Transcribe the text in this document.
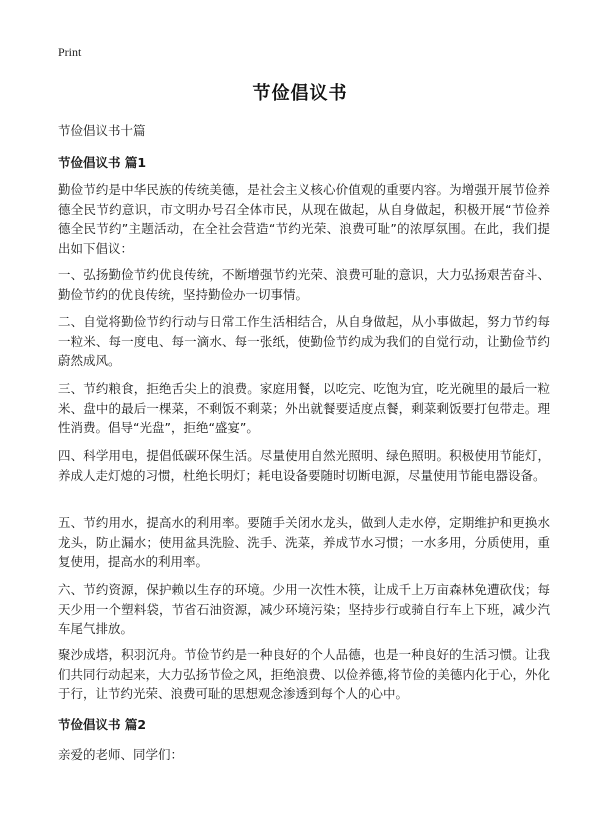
Print
节俭倡议书
节俭倡议书十篇
节俭倡议书 篇1
勤俭节约是中华民族的传统美德，是社会主义核心价值观的重要内容。为增强开展节俭养德全民节约意识，市文明办号召全体市民，从现在做起，从自身做起，积极开展“节俭养德全民节约”主题活动，在全社会营造“节约光荣、浪费可耻”的浓厚氛围。在此，我们提出如下倡议：
一、弘扬勤俭节约优良传统，不断增强节约光荣、浪费可耻的意识，大力弘扬艰苦奋斗、勤俭节约的优良传统，坚持勤俭办一切事情。
二、自觉将勤俭节约行动与日常工作生活相结合，从自身做起，从小事做起，努力节约每一粒米、每一度电、每一滴水、每一张纸，使勤俭节约成为我们的自觉行动，让勤俭节约蔚然成风。
三、节约粮食，拒绝舌尖上的浪费。家庭用餐，以吃完、吃饱为宜，吃光碗里的最后一粒米、盘中的最后一棵菜，不剩饭不剩菜；外出就餐要适度点餐，剩菜剩饭要打包带走。理性消费。倡导“光盘”，拒绝“盛宴”。
四、科学用电，提倡低碳环保生活。尽量使用自然光照明、绿色照明。积极使用节能灯，养成人走灯熄的习惯，杜绝长明灯；耗电设备要随时切断电源，尽量使用节能电器设备。
五、节约用水，提高水的利用率。要随手关闭水龙头，做到人走水停，定期维护和更换水龙头，防止漏水；使用盆具洗脸、洗手、洗菜，养成节水习惯；一水多用，分质使用，重复使用，提高水的利用率。
六、节约资源，保护赖以生存的环境。少用一次性木筷，让成千上万亩森林免遭砍伐；每天少用一个塑料袋，节省石油资源，减少环境污染；坚持步行或骑自行车上下班，减少汽车尾气排放。
聚沙成塔，积羽沉舟。节俭节约是一种良好的个人品德，也是一种良好的生活习惯。让我们共同行动起来，大力弘扬节俭之风，拒绝浪费、以俭养德,将节俭的美德内化于心，外化于行，让节约光荣、浪费可耻的思想观念渗透到每个人的心中。
节俭倡议书 篇2
亲爱的老师、同学们：
